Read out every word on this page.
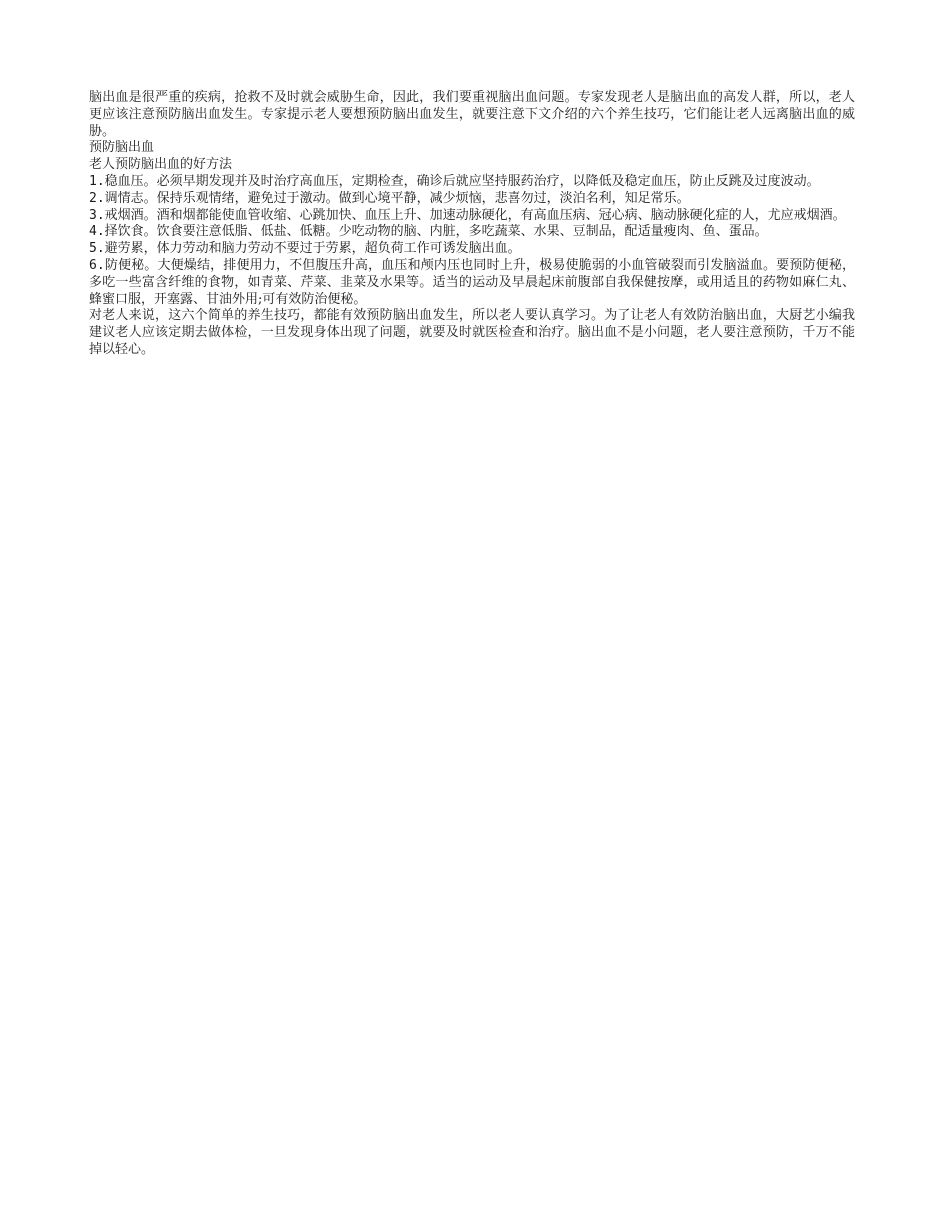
脑出血是很严重的疾病，抢救不及时就会威胁生命，因此，我们要重视脑出血问题。专家发现老人是脑出血的高发人群，所以，老人更应该注意预防脑出血发生。专家提示老人要想预防脑出血发生，就要注意下文介绍的六个养生技巧，它们能让老人远离脑出血的威胁。

预防脑出血

老人预防脑出血的好方法

1.稳血压。必须早期发现并及时治疗高血压，定期检查，确诊后就应坚持服药治疗，以降低及稳定血压，防止反跳及过度波动。

2.调情志。保持乐观情绪，避免过于激动。做到心境平静，减少烦恼，悲喜勿过，淡泊名利，知足常乐。

3.戒烟酒。酒和烟都能使血管收缩、心跳加快、血压上升、加速动脉硬化，有高血压病、冠心病、脑动脉硬化症的人，尤应戒烟酒。

4.择饮食。饮食要注意低脂、低盐、低糖。少吃动物的脑、内脏，多吃蔬菜、水果、豆制品，配适量瘦肉、鱼、蛋品。

5.避劳累，体力劳动和脑力劳动不要过于劳累，超负荷工作可诱发脑出血。

6.防便秘。大便燥结，排便用力，不但腹压升高，血压和颅内压也同时上升，极易使脆弱的小血管破裂而引发脑溢血。要预防便秘，多吃一些富含纤维的食物，如青菜、芹菜、韭菜及水果等。适当的运动及早晨起床前腹部自我保健按摩，或用适且的药物如麻仁丸、蜂蜜口服，开塞露、甘油外用;可有效防治便秘。

对老人来说，这六个简单的养生技巧，都能有效预防脑出血发生，所以老人要认真学习。为了让老人有效防治脑出血，大厨艺小编我建议老人应该定期去做体检，一旦发现身体出现了问题，就要及时就医检查和治疗。脑出血不是小问题，老人要注意预防，千万不能掉以轻心。
